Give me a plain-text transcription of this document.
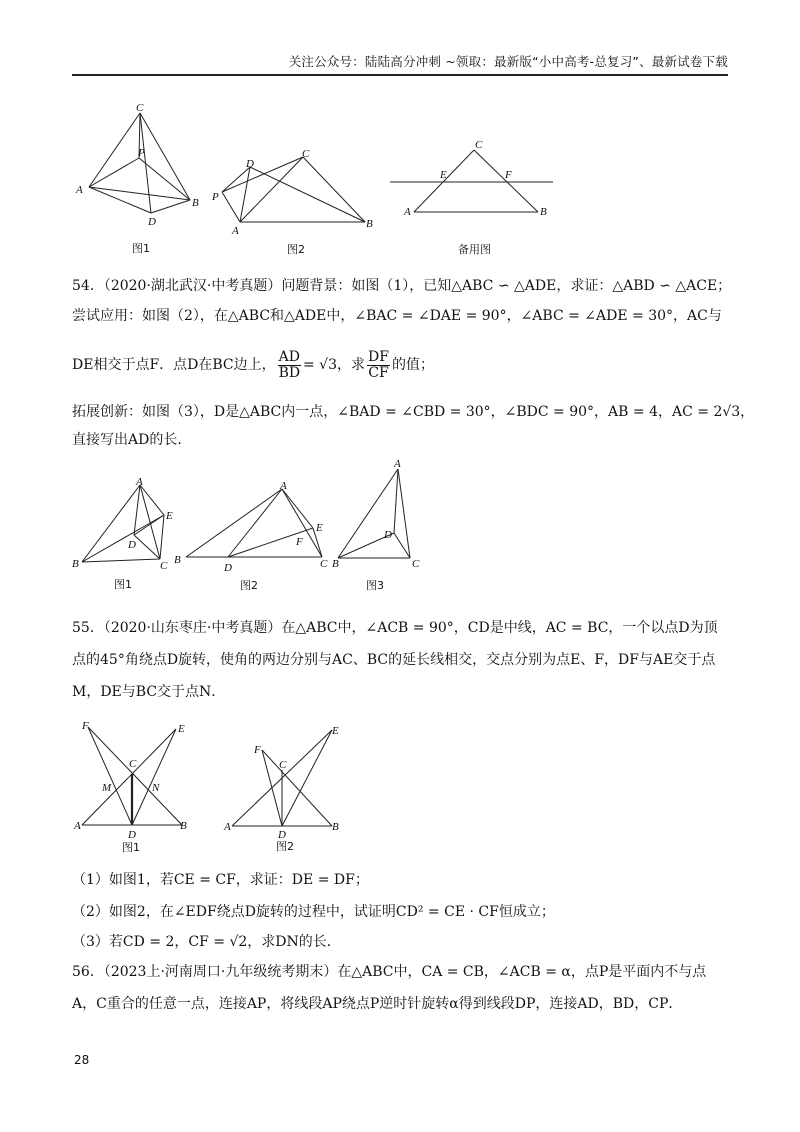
关注公众号：陆陆高分冲刺 ~领取：最新版“小中高考-总复习”、最新试卷下载
C
P
A
B
D
图1
D
C
P
A
B
图2
C
E	F
A	B
备用图
54．（2020·湖北武汉·中考真题）问题背景：如图（1），已知△ABC ∽ △ADE，求证：△ABD ∽ △ACE；
尝试应用：如图（2），在△ABC和△ADE中，∠BAC = ∠DAE = 90°，∠ABC = ∠ADE = 30°，AC与
DE相交于点F．点D在BC边上， $\frac{AD}{BD} = √3$，求 $\frac{DF}{CF}$ 的值；
拓展创新：如图（3），D是△ABC内一点，∠BAD = ∠CBD = 30°，∠BDC = 90°，AB = 4，AC = 2√3，
直接写出AD的长．
A
E
D
B	C
图1
A
E
F
B
D	C
图2
A
D
B	C
图3
55．（2020·山东枣庄·中考真题）在△ABC中，∠ACB = 90°，CD是中线，AC = BC，一个以点D为顶
点的45°角绕点D旋转，使角的两边分别与AC、BC的延长线相交，交点分别为点E、F，DF与AE交于点
M，DE与BC交于点N．
F	E
C
M	N
A
D
B
图1
F
E
C
A
D
B
图2
（1）如图1，若CE = CF，求证：DE = DF；
（2）如图2，在∠EDF绕点D旋转的过程中，试证明CD² = CE · CF恒成立；
（3）若CD = 2，CF = √2，求DN的长．
56．（2023上·河南周口·九年级统考期末）在△ABC中，CA = CB，∠ACB = α，点P是平面内不与点
A，C重合的任意一点，连接AP，将线段AP绕点P逆时针旋转α得到线段DP，连接AD，BD，CP．
28
